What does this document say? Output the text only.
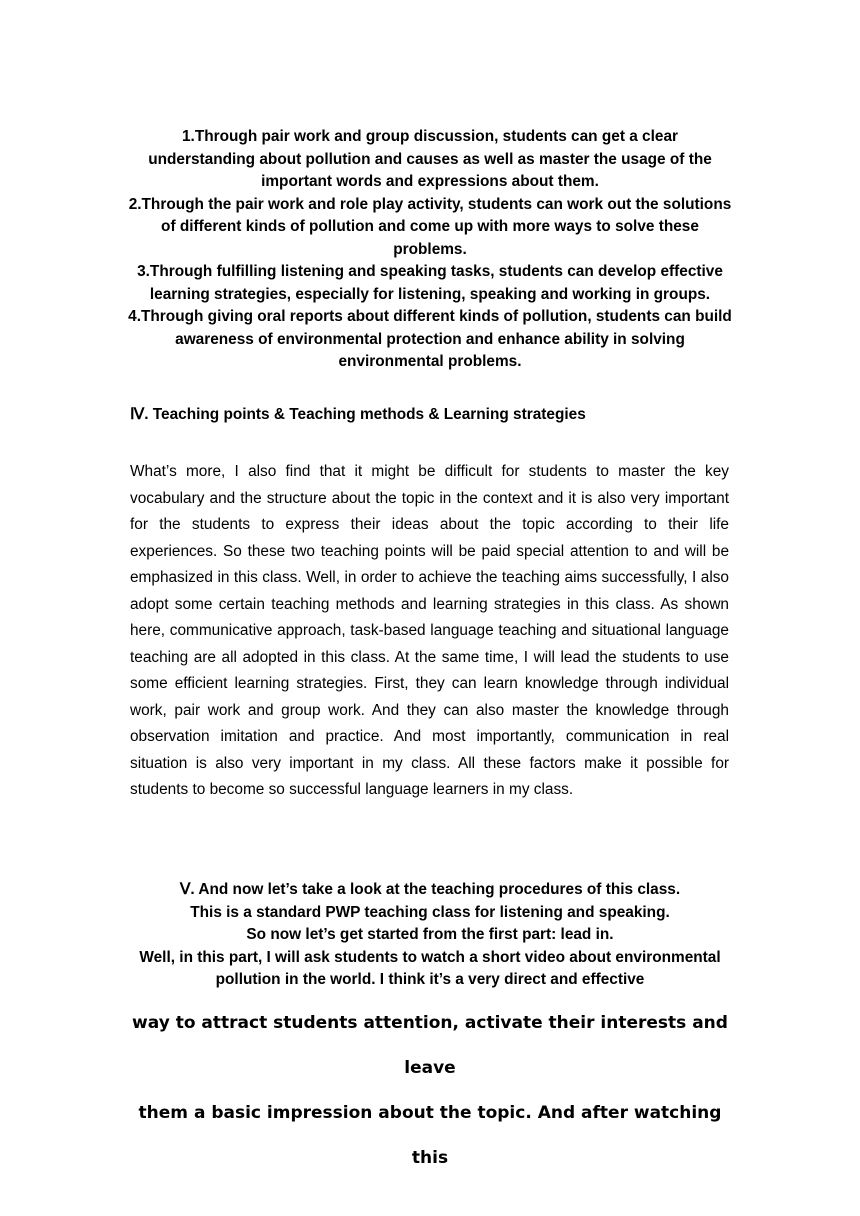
1.Through pair work and group discussion, students can get a clear understanding about pollution and causes as well as master the usage of the important words and expressions about them.

2.Through the pair work and role play activity, students can work out the solutions of different kinds of pollution and come up with more ways to solve these problems.

3.Through fulfilling listening and speaking tasks, students can develop effective learning strategies, especially for listening, speaking and working in groups.

4.Through giving oral reports about different kinds of pollution, students can build awareness of environmental protection and enhance ability in solving environmental problems.

Ⅳ. Teaching points & Teaching methods & Learning strategies

What’s more, I also find that it might be difficult for students to master the key vocabulary and the structure about the topic in the context and it is also very important for the students to express their ideas about the topic according to their life experiences. So these two teaching points will be paid special attention to and will be emphasized in this class. Well, in order to achieve the teaching aims successfully, I also adopt some certain teaching methods and learning strategies in this class. As shown here, communicative approach, task-based language teaching and situational language teaching are all adopted in this class. At the same time, I will lead the students to use some efficient learning strategies. First, they can learn knowledge through individual work, pair work and group work. And they can also master the knowledge through observation imitation and practice. And most importantly, communication in real situation is also very important in my class. All these factors make it possible for students to become so successful language learners in my class.

Ⅴ. And now let’s take a look at the teaching procedures of this class.
This is a standard PWP teaching class for listening and speaking.
So now let’s get started from the first part: lead in.
Well, in this part, I will ask students to watch a short video about environmental pollution in the world. I think it’s a very direct and effective
way to attract students attention, activate their interests and leave
them a basic impression about the topic. And after watching this
